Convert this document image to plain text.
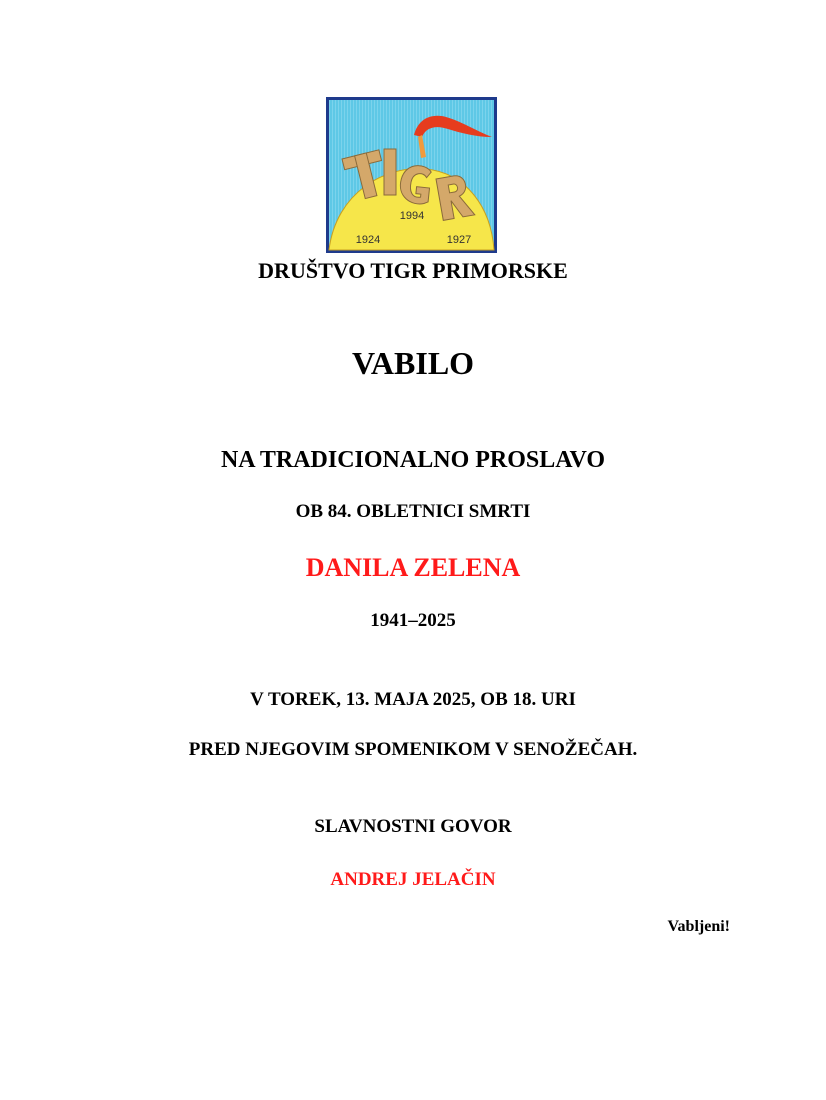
1994
1924	1927
DRUŠTVO TIGR PRIMORSKE
VABILO
NA TRADICIONALNO PROSLAVO
OB 84. OBLETNICI SMRTI
DANILA ZELENA
1941–2025
V TOREK, 13. MAJA 2025, OB 18. URI
PRED NJEGOVIM SPOMENIKOM V SENOŽEČAH.
SLAVNOSTNI GOVOR
ANDREJ JELAČIN
Vabljeni!
